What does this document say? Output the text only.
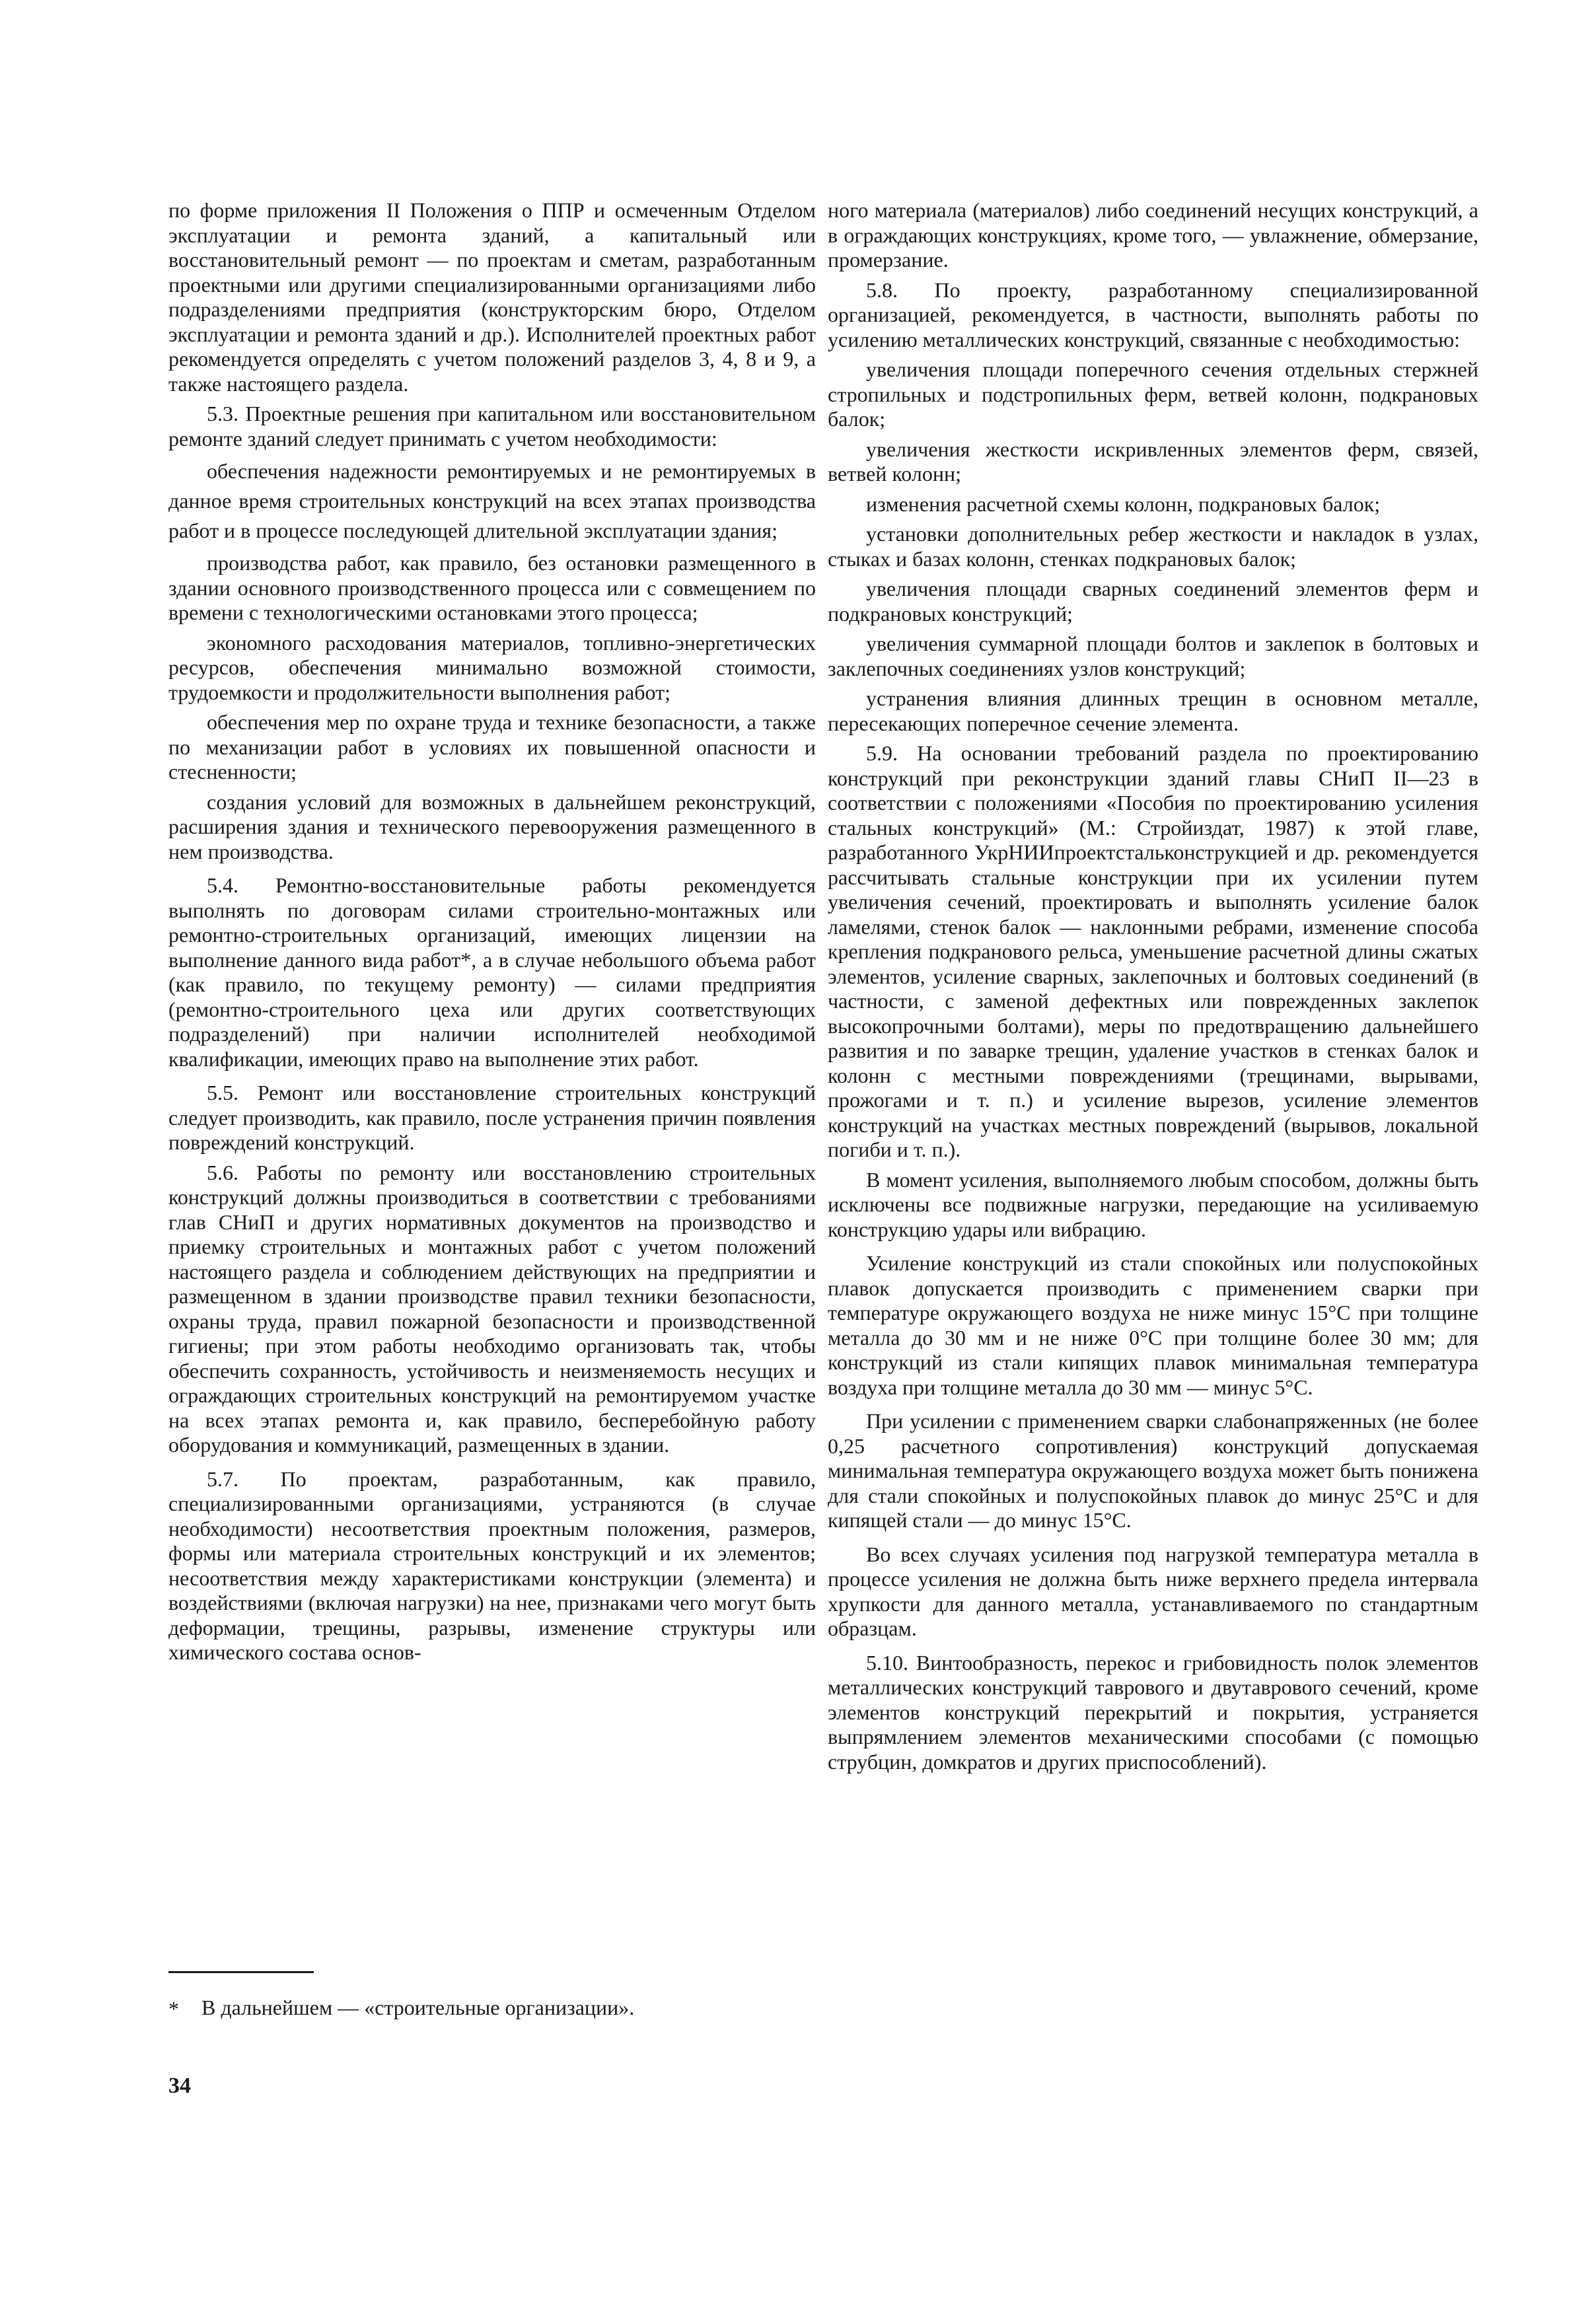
по форме приложения II Положения о ППР и осмеченным Отделом эксплуатации и ремонта зданий, а капитальный или восстановительный ремонт — по проектам и сметам, разработанным проектными или другими специализированными организациями либо подразделениями предприятия (конструкторским бюро, Отделом эксплуатации и ремонта зданий и др.). Исполнителей проектных работ рекомендуется определять с учетом положений разделов 3, 4, 8 и 9, а также настоящего раздела.

5.3. Проектные решения при капитальном или восстановительном ремонте зданий следует принимать с учетом необходимости:

обеспечения надежности ремонтируемых и не ремонтируемых в данное время строительных конструкций на всех этапах производства работ и в процессе последующей длительной эксплуатации здания;

производства работ, как правило, без остановки размещенного в здании основного производственного процесса или с совмещением по времени с технологическими остановками этого процесса;

экономного расходования материалов, топливно-энергетических ресурсов, обеспечения минимально возможной стоимости, трудоемкости и продолжительности выполнения работ;

обеспечения мер по охране труда и технике безопасности, а также по механизации работ в условиях их повышенной опасности и стесненности;

создания условий для возможных в дальнейшем реконструкций, расширения здания и технического перевооружения размещенного в нем производства.

5.4. Ремонтно-восстановительные работы рекомендуется выполнять по договорам силами строительно-монтажных или ремонтно-строительных организаций, имеющих лицензии на выполнение данного вида работ*, а в случае небольшого объема работ (как правило, по текущему ремонту) — силами предприятия (ремонтно-строительного цеха или других соответствующих подразделений) при наличии исполнителей необходимой квалификации, имеющих право на выполнение этих работ.

5.5. Ремонт или восстановление строительных конструкций следует производить, как правило, после устранения причин появления повреждений конструкций.

5.6. Работы по ремонту или восстановлению строительных конструкций должны производиться в соответствии с требованиями глав СНиП и других нормативных документов на производство и приемку строительных и монтажных работ с учетом положений настоящего раздела и соблюдением действующих на предприятии и размещенном в здании производстве правил техники безопасности, охраны труда, правил пожарной безопасности и производственной гигиены; при этом работы необходимо организовать так, чтобы обеспечить сохранность, устойчивость и неизменяемость несущих и ограждающих строительных конструкций на ремонтируемом участке на всех этапах ремонта и, как правило, бесперебойную работу оборудования и коммуникаций, размещенных в здании.

5.7. По проектам, разработанным, как правило, специализированными организациями, устраняются (в случае необходимости) несоответствия проектным положения, размеров, формы или материала строительных конструкций и их элементов; несоответствия между характеристиками конструкции (элемента) и воздействиями (включая нагрузки) на нее, признаками чего могут быть деформации, трещины, разрывы, изменение структуры или химического состава основ-

ного материала (материалов) либо соединений несущих конструкций, а в ограждающих конструкциях, кроме того, — увлажнение, обмерзание, промерзание.

5.8. По проекту, разработанному специализированной организацией, рекомендуется, в частности, выполнять работы по усилению металлических конструкций, связанные с необходимостью:

увеличения площади поперечного сечения отдельных стержней стропильных и подстропильных ферм, ветвей колонн, подкрановых балок;

увеличения жесткости искривленных элементов ферм, связей, ветвей колонн;

изменения расчетной схемы колонн, подкрановых балок;

установки дополнительных ребер жесткости и накладок в узлах, стыках и базах колонн, стенках подкрановых балок;

увеличения площади сварных соединений элементов ферм и подкрановых конструкций;

увеличения суммарной площади болтов и заклепок в болтовых и заклепочных соединениях узлов конструкций;

устранения влияния длинных трещин в основном металле, пересекающих поперечное сечение элемента.

5.9. На основании требований раздела по проектированию конструкций при реконструкции зданий главы СНиП II—23 в соответствии с положениями «Пособия по проектированию усиления стальных конструкций» (М.: Стройиздат, 1987) к этой главе, разработанного УкрНИИпроектстальконструкцией и др. рекомендуется рассчитывать стальные конструкции при их усилении путем увеличения сечений, проектировать и выполнять усиление балок ламелями, стенок балок — наклонными ребрами, изменение способа крепления подкранового рельса, уменьшение расчетной длины сжатых элементов, усиление сварных, заклепочных и болтовых соединений (в частности, с заменой дефектных или поврежденных заклепок высокопрочными болтами), меры по предотвращению дальнейшего развития и по заварке трещин, удаление участков в стенках балок и колонн с местными повреждениями (трещинами, вырывами, прожогами и т. п.) и усиление вырезов, усиление элементов конструкций на участках местных повреждений (вырывов, локальной погиби и т. п.).

В момент усиления, выполняемого любым способом, должны быть исключены все подвижные нагрузки, передающие на усиливаемую конструкцию удары или вибрацию.

Усиление конструкций из стали спокойных или полуспокойных плавок допускается производить с применением сварки при температуре окружающего воздуха не ниже минус 15°С при толщине металла до 30 мм и не ниже 0°С при толщине более 30 мм; для конструкций из стали кипящих плавок минимальная температура воздуха при толщине металла до 30 мм — минус 5°С.

При усилении с применением сварки слабонапряженных (не более 0,25 расчетного сопротивления) конструкций допускаемая минимальная температура окружающего воздуха может быть понижена для стали спокойных и полуспокойных плавок до минус 25°С и для кипящей стали — до минус 15°С.

Во всех случаях усиления под нагрузкой температура металла в процессе усиления не должна быть ниже верхнего предела интервала хрупкости для данного металла, устанавливаемого по стандартным образцам.

5.10. Винтообразность, перекос и грибовидность полок элементов металлических конструкций таврового и двутаврового сечений, кроме элементов конструкций перекрытий и покрытия, устраняется выпрямлением элементов механическими способами (с помощью струбцин, домкратов и других приспособлений).

* В дальнейшем — «строительные организации».
34
